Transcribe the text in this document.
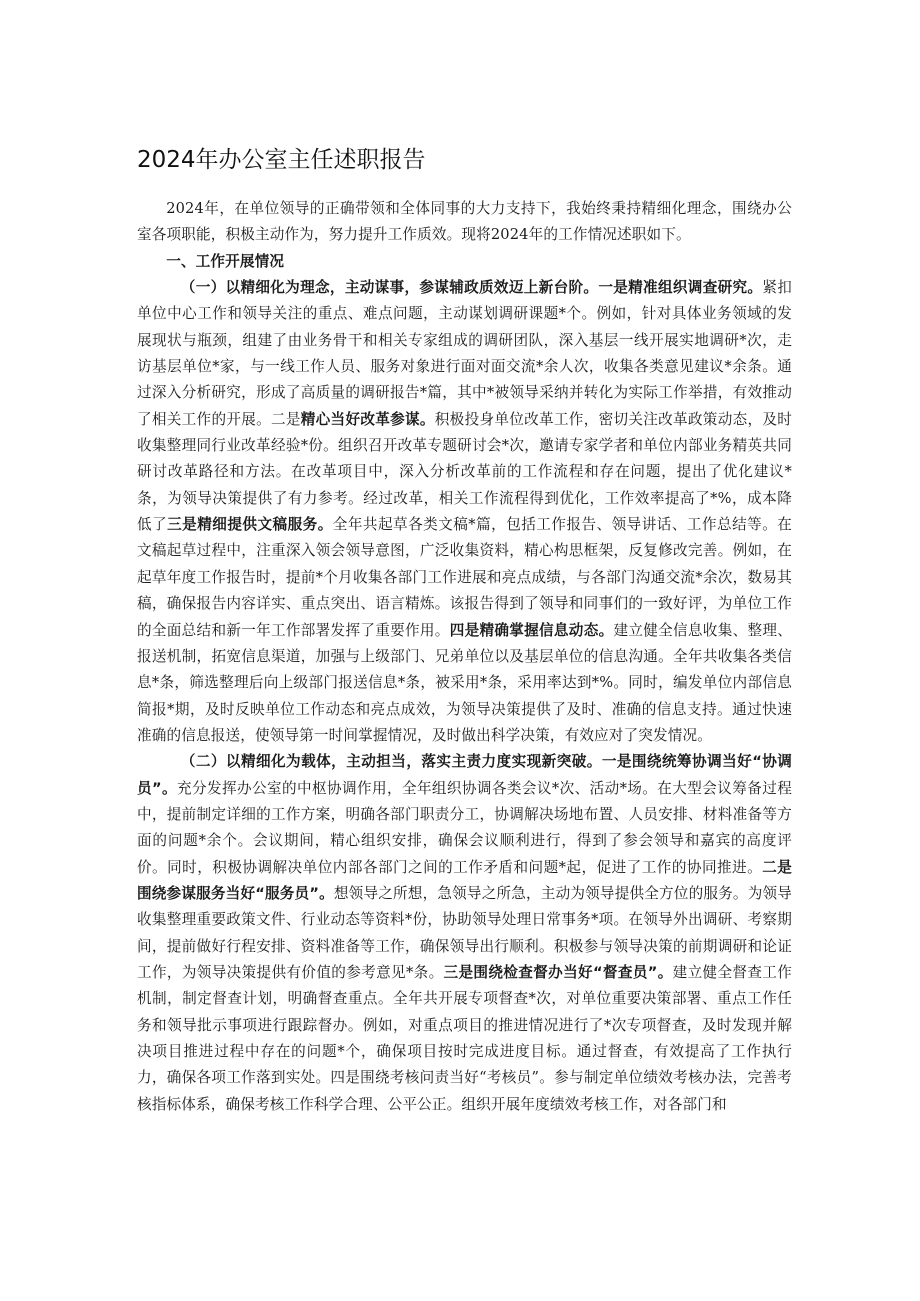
2024年办公室主任述职报告

2024年，在单位领导的正确带领和全体同事的大力支持下，我始终秉持精细化理念，围绕办公室各项职能，积极主动作为，努力提升工作质效。现将2024年的工作情况述职如下。

一、工作开展情况

（一）以精细化为理念，主动谋事，参谋辅政质效迈上新台阶。一是精准组织调查研究。紧扣单位中心工作和领导关注的重点、难点问题，主动谋划调研课题*个。例如，针对具体业务领域的发展现状与瓶颈，组建了由业务骨干和相关专家组成的调研团队，深入基层一线开展实地调研*次，走访基层单位*家，与一线工作人员、服务对象进行面对面交流*余人次，收集各类意见建议*余条。通过深入分析研究，形成了高质量的调研报告*篇，其中*被领导采纳并转化为实际工作举措，有效推动了相关工作的开展。二是精心当好改革参谋。积极投身单位改革工作，密切关注改革政策动态，及时收集整理同行业改革经验*份。组织召开改革专题研讨会*次，邀请专家学者和单位内部业务精英共同研讨改革路径和方法。在改革项目中，深入分析改革前的工作流程和存在问题，提出了优化建议*条，为领导决策提供了有力参考。经过改革，相关工作流程得到优化，工作效率提高了*%，成本降低了三是精细提供文稿服务。全年共起草各类文稿*篇，包括工作报告、领导讲话、工作总结等。在文稿起草过程中，注重深入领会领导意图，广泛收集资料，精心构思框架，反复修改完善。例如，在起草年度工作报告时，提前*个月收集各部门工作进展和亮点成绩，与各部门沟通交流*余次，数易其稿，确保报告内容详实、重点突出、语言精炼。该报告得到了领导和同事们的一致好评，为单位工作的全面总结和新一年工作部署发挥了重要作用。四是精确掌握信息动态。建立健全信息收集、整理、报送机制，拓宽信息渠道，加强与上级部门、兄弟单位以及基层单位的信息沟通。全年共收集各类信息*条，筛选整理后向上级部门报送信息*条，被采用*条，采用率达到*%。同时，编发单位内部信息简报*期，及时反映单位工作动态和亮点成效，为领导决策提供了及时、准确的信息支持。通过快速准确的信息报送，使领导第一时间掌握情况，及时做出科学决策，有效应对了突发情况。

（二）以精细化为载体，主动担当，落实主责力度实现新突破。一是围绕统筹协调当好“协调员”。充分发挥办公室的中枢协调作用，全年组织协调各类会议*次、活动*场。在大型会议筹备过程中，提前制定详细的工作方案，明确各部门职责分工，协调解决场地布置、人员安排、材料准备等方面的问题*余个。会议期间，精心组织安排，确保会议顺利进行，得到了参会领导和嘉宾的高度评价。同时，积极协调解决单位内部各部门之间的工作矛盾和问题*起，促进了工作的协同推进。二是围绕参谋服务当好“服务员”。想领导之所想，急领导之所急，主动为领导提供全方位的服务。为领导收集整理重要政策文件、行业动态等资料*份，协助领导处理日常事务*项。在领导外出调研、考察期间，提前做好行程安排、资料准备等工作，确保领导出行顺利。积极参与领导决策的前期调研和论证工作，为领导决策提供有价值的参考意见*条。三是围绕检查督办当好“督查员”。建立健全督查工作机制，制定督查计划，明确督查重点。全年共开展专项督查*次，对单位重要决策部署、重点工作任务和领导批示事项进行跟踪督办。例如，对重点项目的推进情况进行了*次专项督查，及时发现并解决项目推进过程中存在的问题*个，确保项目按时完成进度目标。通过督查，有效提高了工作执行力，确保各项工作落到实处。四是围绕考核问责当好“考核员”。参与制定单位绩效考核办法，完善考核指标体系，确保考核工作科学合理、公平公正。组织开展年度绩效考核工作，对各部门和
